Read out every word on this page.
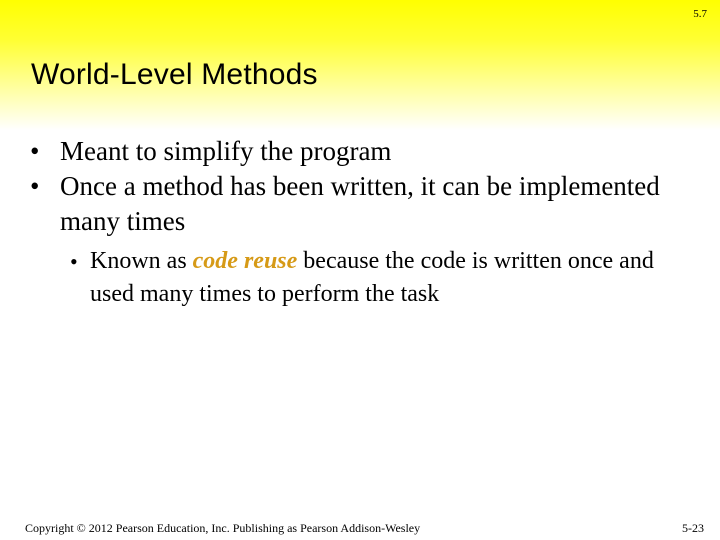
5.7
World-Level Methods
• Meant to simplify the program
• Once a method has been written, it can be implemented many times
• Known as code reuse because the code is written once and used many times to perform the task
Copyright © 2012 Pearson Education, Inc. Publishing as Pearson Addison-Wesley	5-23
